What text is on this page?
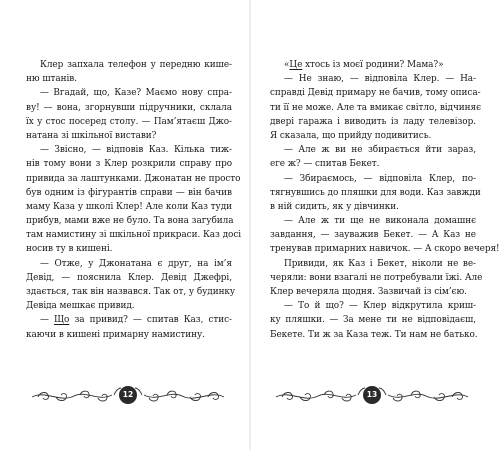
Клер запхала телефон у передню кише-
ню штанів.
— Вгадай, що, Казе? Маємо нову спра-
ву! — вона, згорнувши підручники, склала
їх у стос посеред столу. — Пам’ятаєш Джо-
натана зі шкільної вистави?
— Звісно, — відповів Каз. Кілька тиж-
нів тому вони з Клер розкрили справу про
привида за лаштунками. Джонатан не просто
був одним із фігурантів справи — він бачив
маму Каза у школі Клер! Але коли Каз туди
прибув, мами вже не було. Та вона загубила
там намистину зі шкільної прикраси. Каз досі
носив ту в кишені.
— Отже, у Джонатана є друг, на ім’я
Девід, — пояснила Клер. Девід Джефрі,
здається, так він назвався. Так от, у будинку
Девіда мешкає привид.
— Що за привид? — спитав Каз, стис-
каючи в кишені примарну намистину.
«Це хтось із моєї родини? Мама?»
— Не знаю, — відповіла Клер. — На-
справді Девід примару не бачив, тому описа-
ти її не може. Але та вмикає світло, відчиняє
двері гаража і виводить із ладу телевізор.
Я сказала, що прийду подивитись.
— Але ж ви не збирається йти зараз,
еге ж? — спитав Бекет.
— Збираємось, — відповіла Клер, по-
тягнувшись до пляшки для води. Каз завжди
в ній сидить, як у дівчинки.
— Але ж ти ще не виконала домашнє
завдання, — зауважив Бекет. — А Каз не
тренував примарних навичок. — А скоро вечеря!
Привиди, як Каз і Бекет, ніколи не ве-
черяли: вони взагалі не потребували їжі. Але
Клер вечеряла щодня. Зазвичай із сім’єю.
— То й що? — Клер відкрутила криш-
ку пляшки. — За мене ти не відповідаєш,
Бекете. Ти ж за Каза теж. Ти нам не батько.
12	13
